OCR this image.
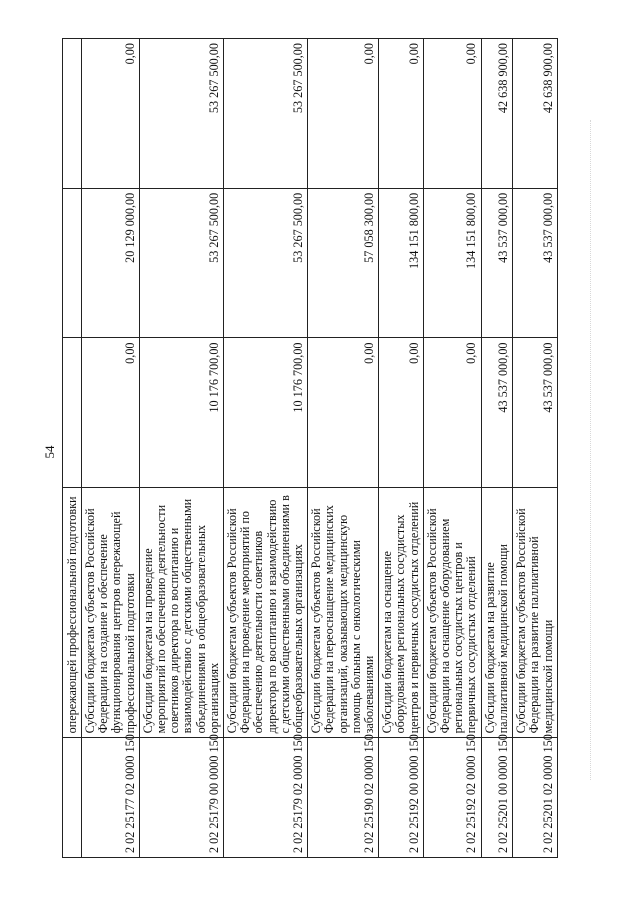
54
	опережающей профессиональной подготовки			
2 02 25177 02 0000 150	Субсидии бюджетам субъектов Российской Федерации на создание и обеспечение функционирования центров опережающей профессиональной подготовки	0,00	20 129 000,00	0,00
2 02 25179 00 0000 150	Субсидии бюджетам на проведение мероприятий по обеспечению деятельности советников директора по воспитанию и взаимодействию с детскими общественными объединениями в общеобразовательных организациях	10 176 700,00	53 267 500,00	53 267 500,00
2 02 25179 02 0000 150	Субсидии бюджетам субъектов Российской Федерации на проведение мероприятий по обеспечению деятельности советников директора по воспитанию и взаимодействию с детскими общественными объединениями в общеобразовательных организациях	10 176 700,00	53 267 500,00	53 267 500,00
2 02 25190 02 0000 150	Субсидии бюджетам субъектов Российской Федерации на переоснащение медицинских организаций, оказывающих медицинскую помощь больным с онкологическими заболеваниями	0,00	57 058 300,00	0,00
2 02 25192 00 0000 150	Субсидии бюджетам на оснащение оборудованием региональных сосудистых центров и первичных сосудистых отделений	0,00	134 151 800,00	0,00
2 02 25192 02 0000 150	Субсидии бюджетам субъектов Российской Федерации на оснащение оборудованием региональных сосудистых центров и первичных сосудистых отделений	0,00	134 151 800,00	0,00
2 02 25201 00 0000 150	Субсидии бюджетам на развитие паллиативной медицинской помощи	43 537 000,00	43 537 000,00	42 638 900,00
2 02 25201 02 0000 150	Субсидии бюджетам субъектов Российской Федерации на развитие паллиативной медицинской помощи	43 537 000,00	43 537 000,00	42 638 900,00
